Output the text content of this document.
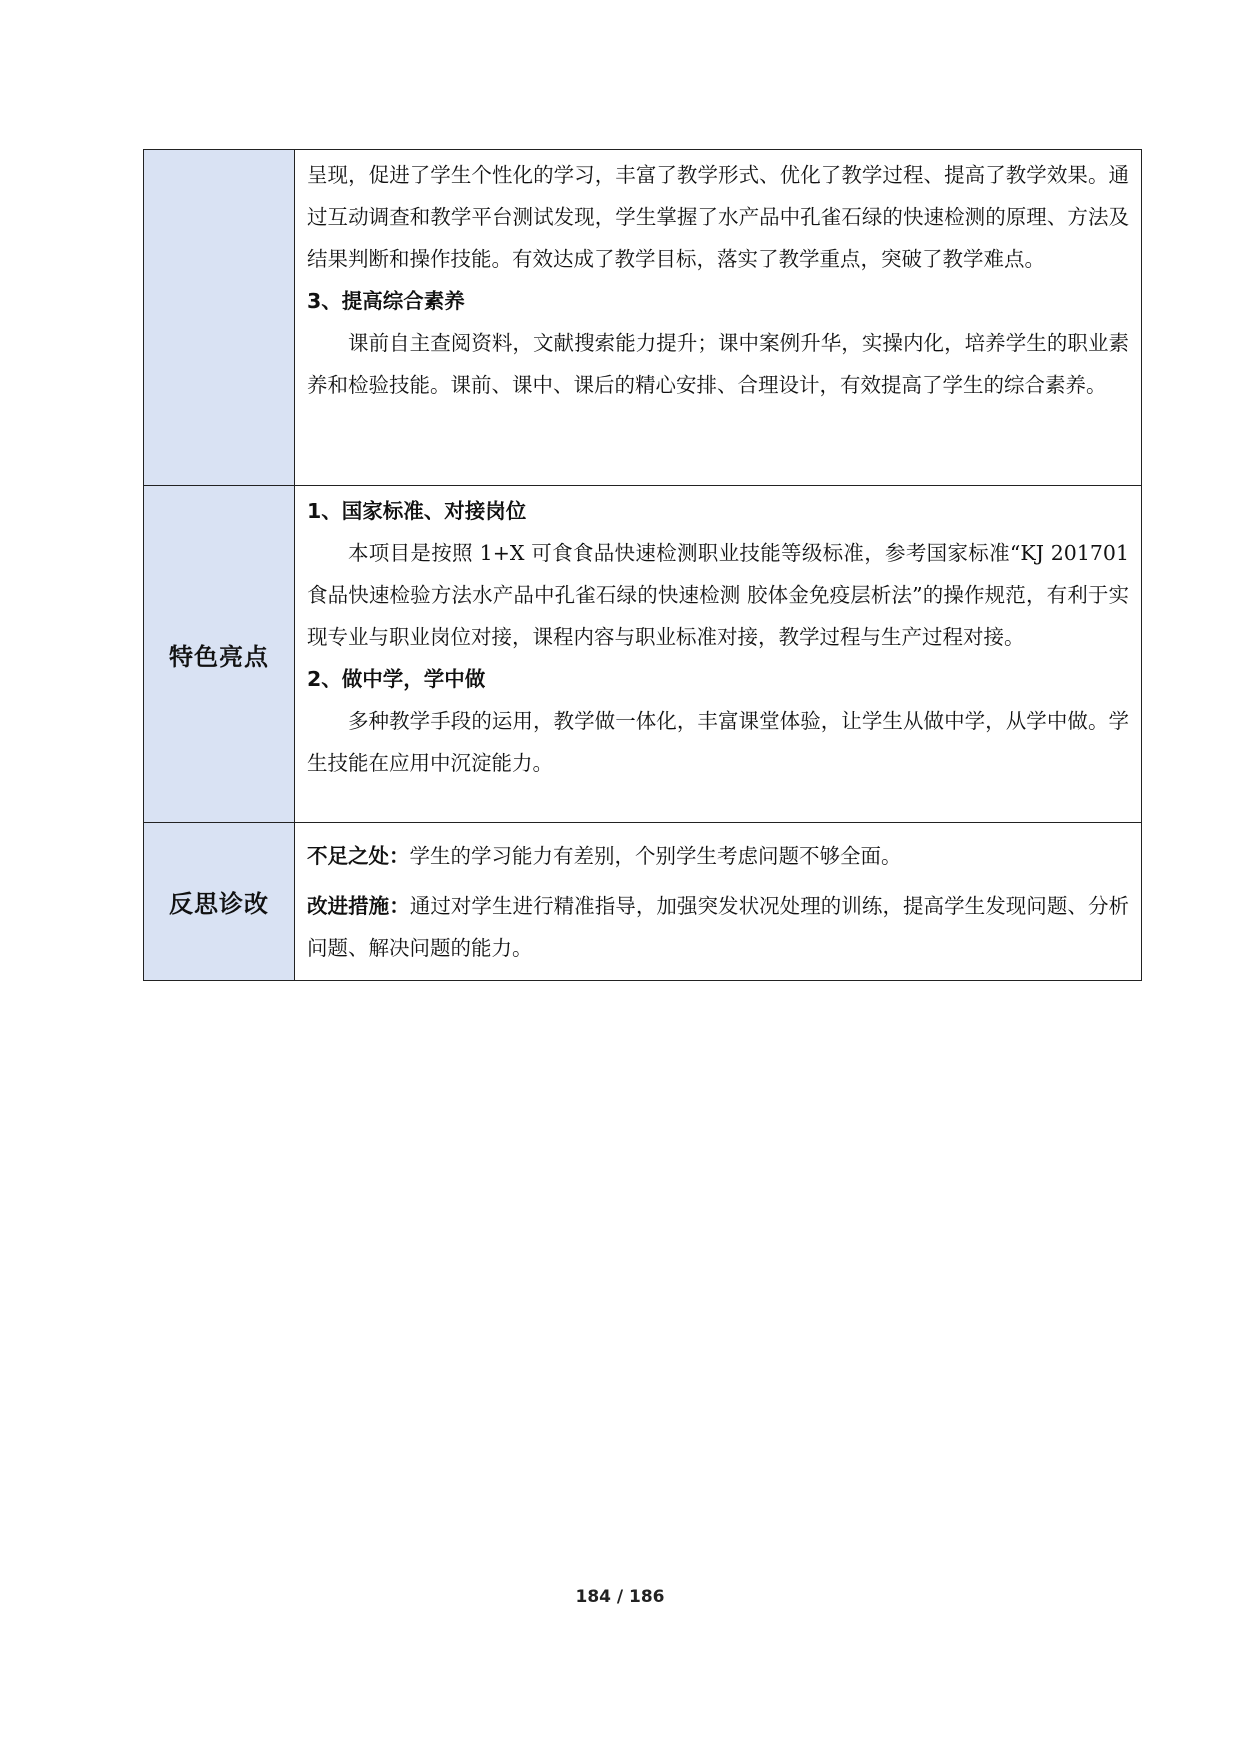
	呈现，促进了学生个性化的学习，丰富了教学形式、优化了教学过程、提高了教学效果。通过互动调查和教学平台测试发现，学生掌握了水产品中孔雀石绿的快速检测的原理、方法及结果判断和操作技能。有效达成了教学目标，落实了教学重点，突破了教学难点。

3、提高综合素养

课前自主查阅资料，文献搜索能力提升；课中案例升华，实操内化，培养学生的职业素养和检验技能。课前、课中、课后的精心安排、合理设计，有效提高了学生的综合素养。

特色亮点	1、国家标准、对接岗位

本项目是按照 1+X 可食食品快速检测职业技能等级标准，参考国家标准“KJ 201701 食品快速检验方法水产品中孔雀石绿的快速检测 胶体金免疫层析法”的操作规范，有利于实现专业与职业岗位对接，课程内容与职业标准对接，教学过程与生产过程对接。

2、做中学，学中做

多种教学手段的运用，教学做一体化，丰富课堂体验，让学生从做中学，从学中做。学生技能在应用中沉淀能力。

反思诊改	不足之处：学生的学习能力有差别，个别学生考虑问题不够全面。

改进措施：通过对学生进行精准指导，加强突发状况处理的训练，提高学生发现问题、分析问题、解决问题的能力。

184 / 186
